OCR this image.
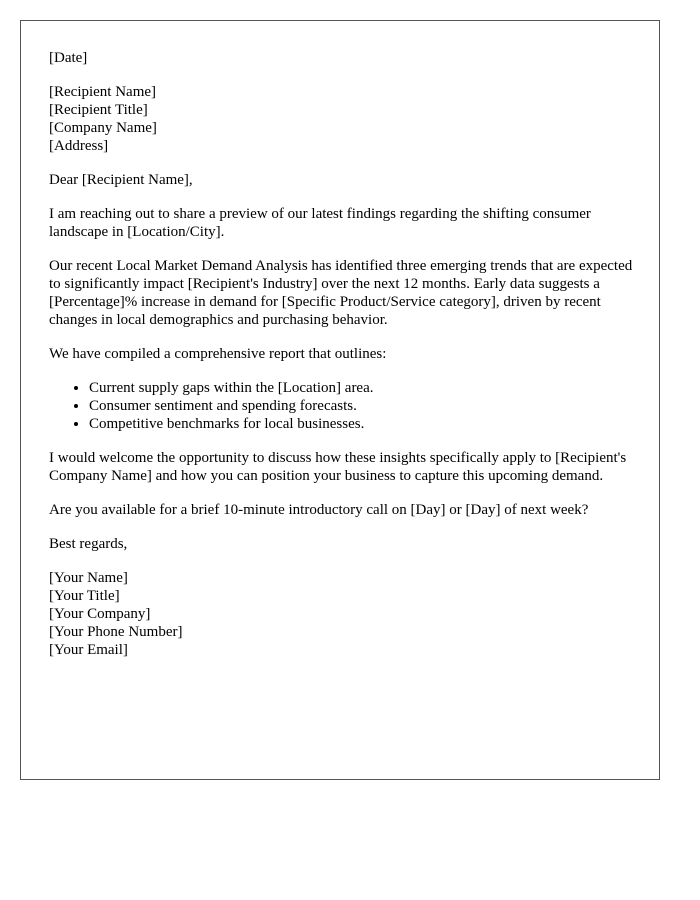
[Date]

[Recipient Name]
[Recipient Title]
[Company Name]
[Address]

Dear [Recipient Name],

I am reaching out to share a preview of our latest findings regarding the shifting consumer landscape in [Location/City].

Our recent Local Market Demand Analysis has identified three emerging trends that are expected to significantly impact [Recipient's Industry] over the next 12 months. Early data suggests a [Percentage]% increase in demand for [Specific Product/Service category], driven by recent changes in local demographics and purchasing behavior.

We have compiled a comprehensive report that outlines:

• Current supply gaps within the [Location] area.
• Consumer sentiment and spending forecasts.
• Competitive benchmarks for local businesses.

I would welcome the opportunity to discuss how these insights specifically apply to [Recipient's Company Name] and how you can position your business to capture this upcoming demand.

Are you available for a brief 10-minute introductory call on [Day] or [Day] of next week?

Best regards,

[Your Name]
[Your Title]
[Your Company]
[Your Phone Number]
[Your Email]
